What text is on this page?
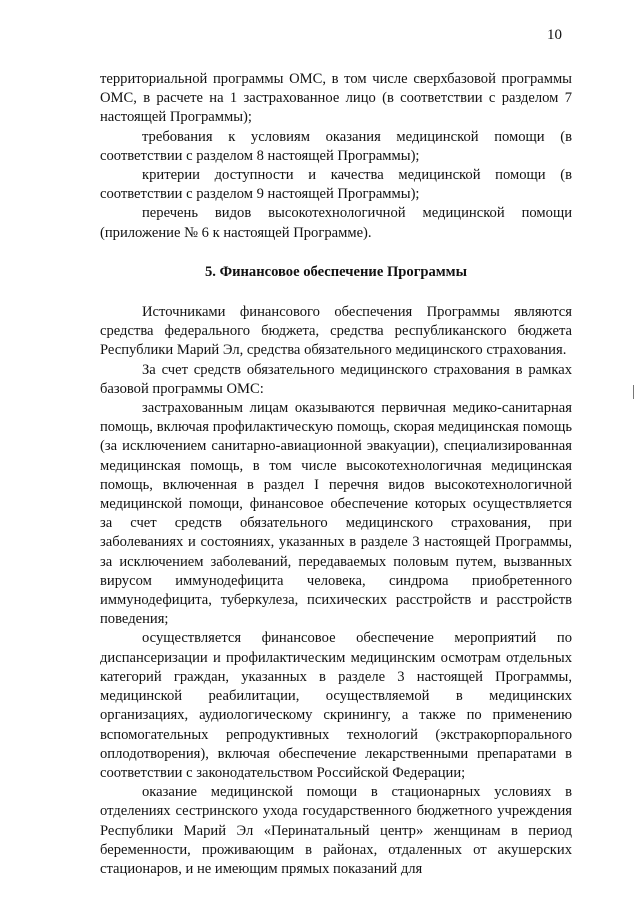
10

территориальной программы ОМС, в том числе сверхбазовой программы ОМС, в расчете на 1 застрахованное лицо (в соответствии с разделом 7 настоящей Программы);

требования к условиям оказания медицинской помощи (в соответствии с разделом 8 настоящей Программы);

критерии доступности и качества медицинской помощи (в соответствии с разделом 9 настоящей Программы);

перечень видов высокотехнологичной медицинской помощи (приложение № 6 к настоящей Программе).

5. Финансовое обеспечение Программы

Источниками финансового обеспечения Программы являются средства федерального бюджета, средства республиканского бюджета Республики Марий Эл, средства обязательного медицинского страхования.

За счет средств обязательного медицинского страхования в рамках базовой программы ОМС:

застрахованным лицам оказываются первичная медико-санитарная помощь, включая профилактическую помощь, скорая медицинская помощь (за исключением санитарно-авиационной эвакуации), специализированная медицинская помощь, в том числе высокотехнологичная медицинская помощь, включенная в раздел I перечня видов высокотехнологичной медицинской помощи, финансовое обеспечение которых осуществляется за счет средств обязательного медицинского страхования, при заболеваниях и состояниях, указанных в разделе 3 настоящей Программы, за исключением заболеваний, передаваемых половым путем, вызванных вирусом иммунодефицита человека, синдрома приобретенного иммунодефицита, туберкулеза, психических расстройств и расстройств поведения;

осуществляется финансовое обеспечение мероприятий по диспансеризации и профилактическим медицинским осмотрам отдельных категорий граждан, указанных в разделе 3 настоящей Программы, медицинской реабилитации, осуществляемой в медицинских организациях, аудиологическому скринингу, а также по применению вспомогательных репродуктивных технологий (экстракорпорального оплодотворения), включая обеспечение лекарственными препаратами в соответствии с законодательством Российской Федерации;

оказание медицинской помощи в стационарных условиях в отделениях сестринского ухода государственного бюджетного учреждения Республики Марий Эл «Перинатальный центр» женщинам в период беременности, проживающим в районах, отдаленных от акушерских стационаров, и не имеющим прямых показаний для
